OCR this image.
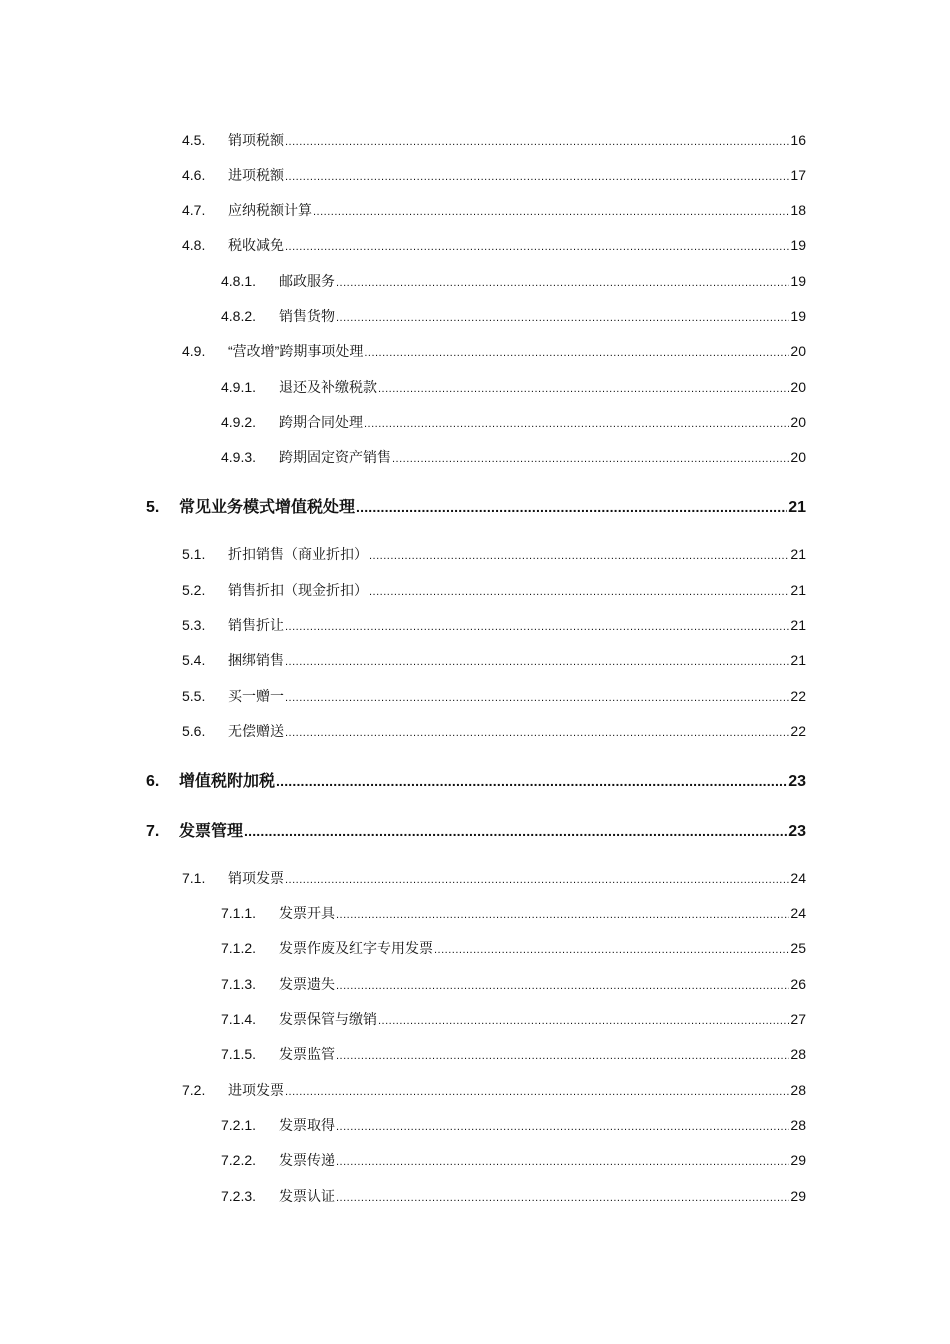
4.5.	销项税额 .....	16
4.6.	进项税额 .....	17
4.7.	应纳税额计算 .....	18
4.8.	税收减免 .....	19
4.8.1.	邮政服务 .....	19
4.8.2.	销售货物 .....	19
4.9.	“营改增”跨期事项处理 .....	20
4.9.1.	退还及补缴税款 .....	20
4.9.2.	跨期合同处理 .....	20
4.9.3.	跨期固定资产销售 .....	20
5.	常见业务模式增值税处理 .....	21
5.1.	折扣销售（商业折扣） .....	21
5.2.	销售折扣（现金折扣） .....	21
5.3.	销售折让 .....	21
5.4.	捆绑销售 .....	21
5.5.	买一赠一 .....	22
5.6.	无偿赠送 .....	22
6.	增值税附加税 .....	23
7.	发票管理 .....	23
7.1.	销项发票 .....	24
7.1.1.	发票开具 .....	24
7.1.2.	发票作废及红字专用发票 .....	25
7.1.3.	发票遗失 .....	26
7.1.4.	发票保管与缴销 .....	27
7.1.5.	发票监管 .....	28
7.2.	进项发票 .....	28
7.2.1.	发票取得 .....	28
7.2.2.	发票传递 .....	29
7.2.3.	发票认证 .....	29
